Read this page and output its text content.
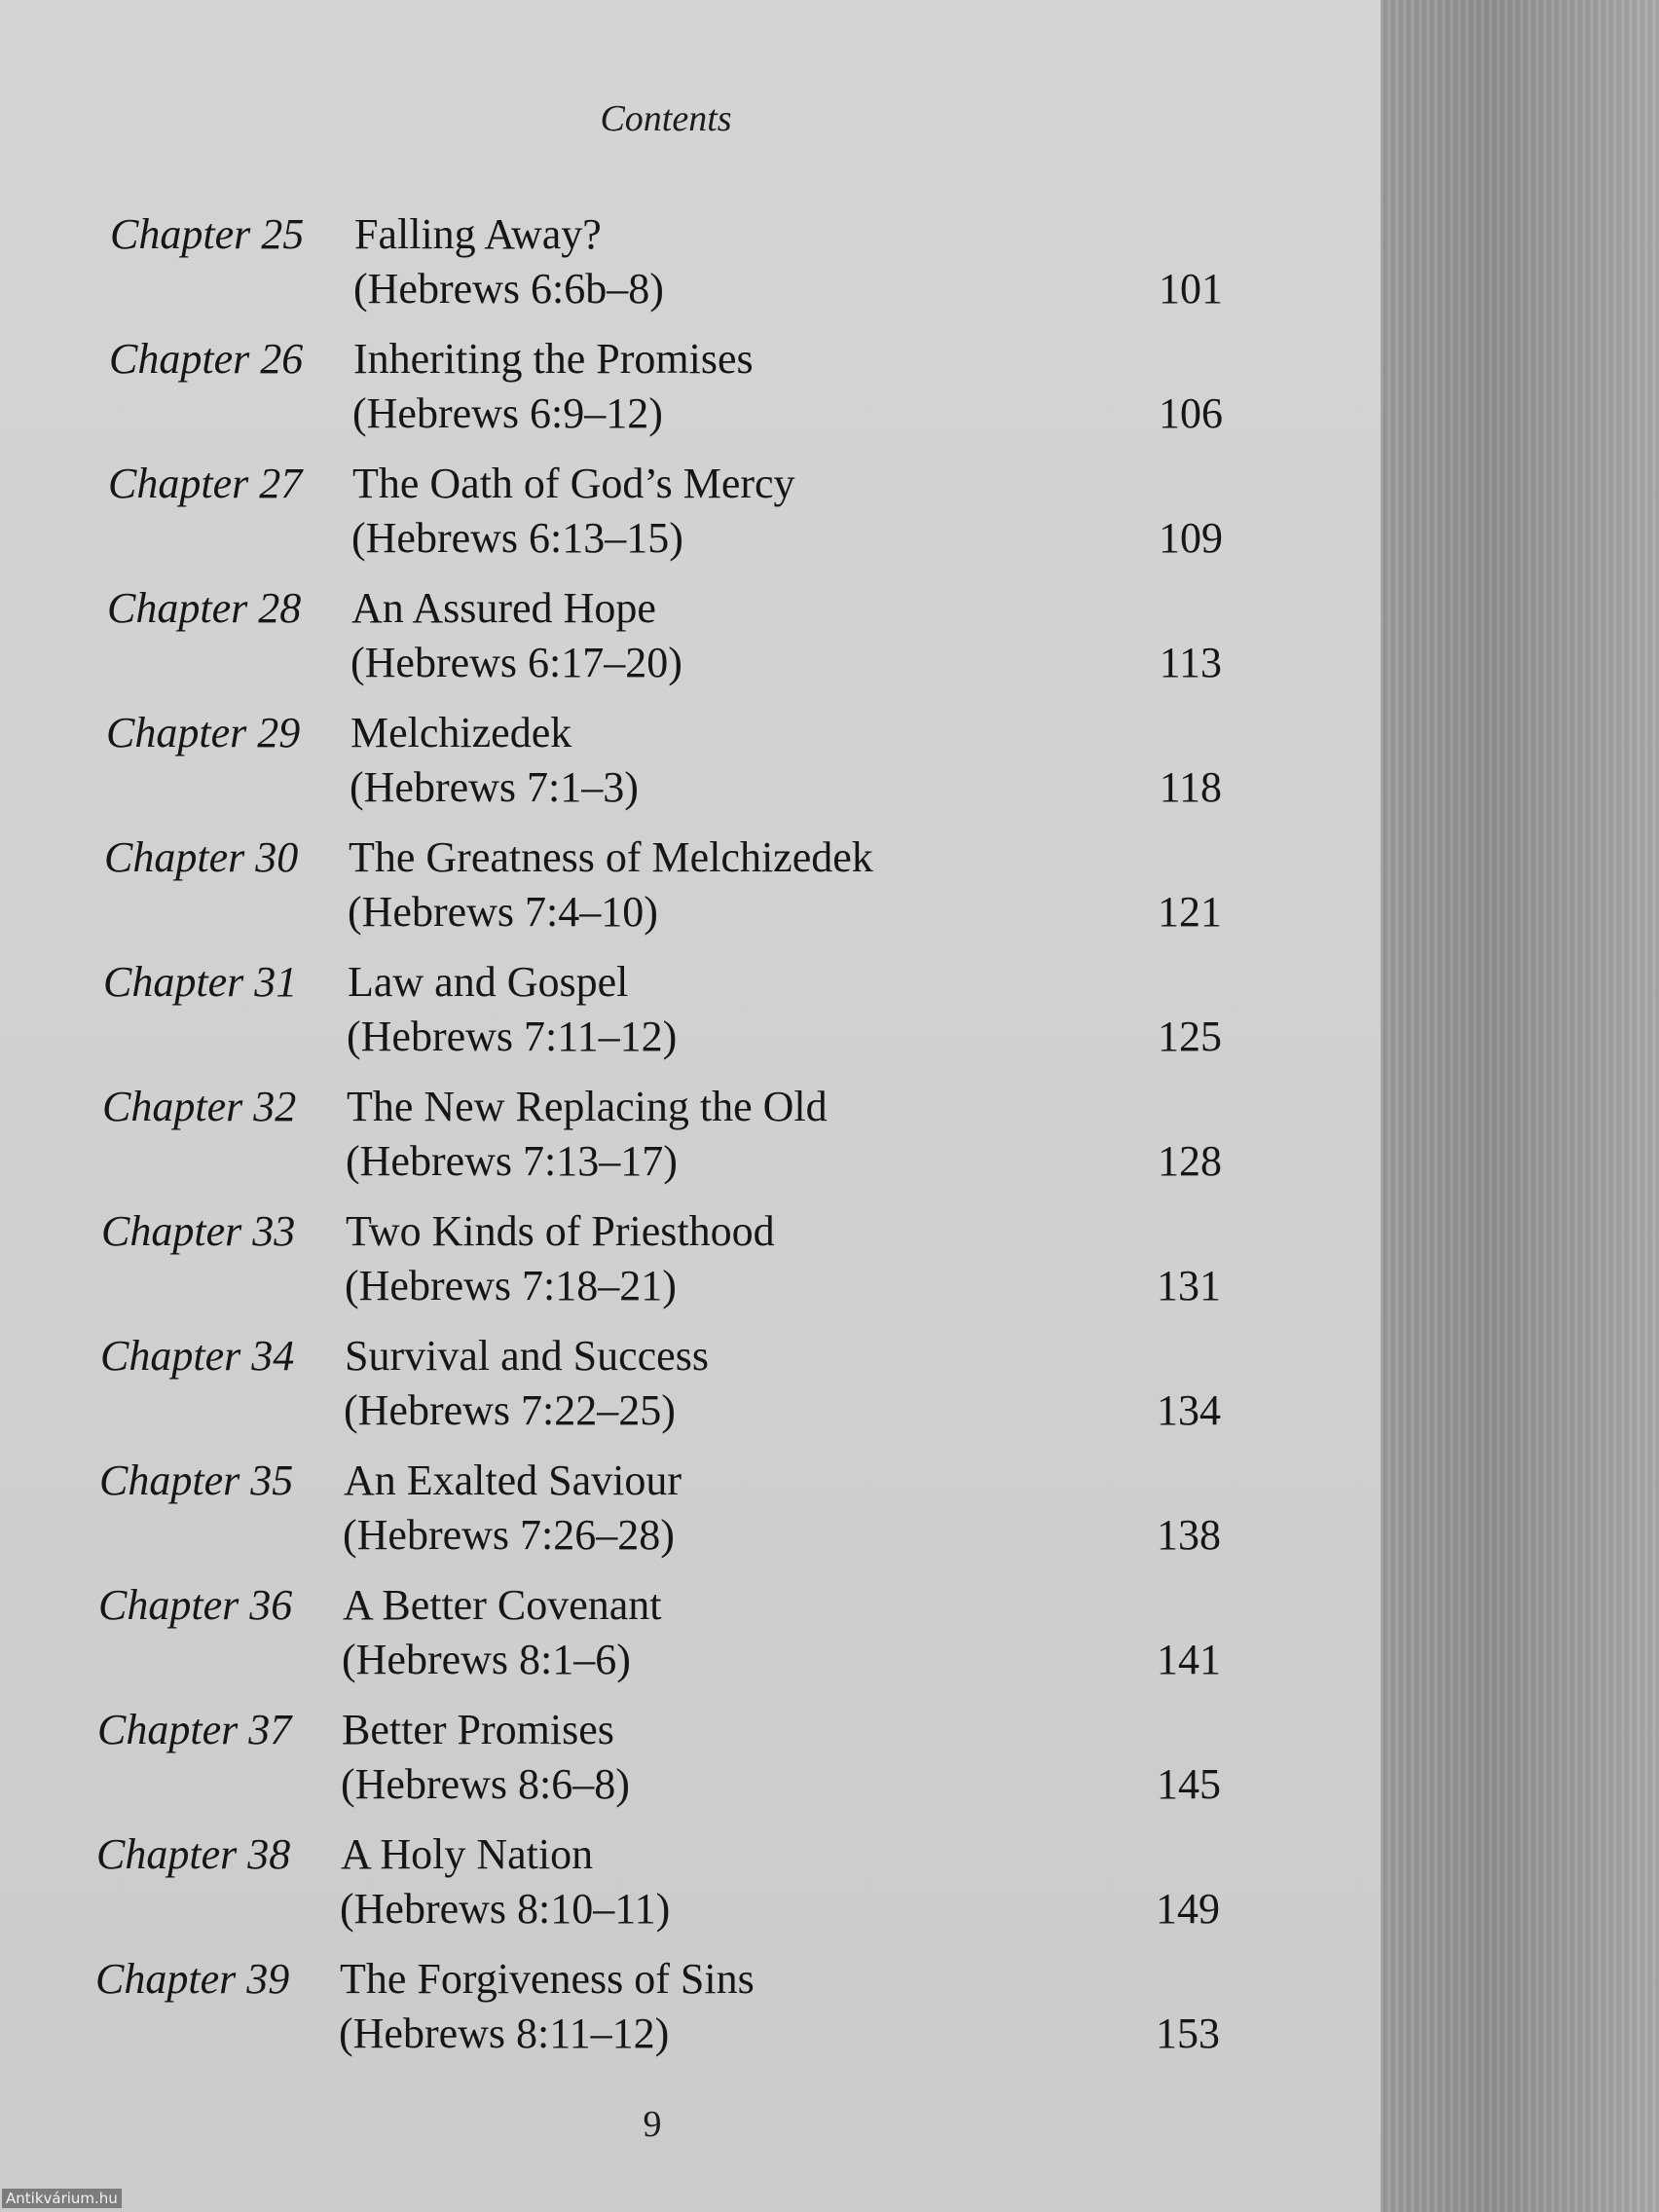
Contents
Chapter 25 Falling Away?
(Hebrews 6:6b–8)	101
Chapter 26 Inheriting the Promises
(Hebrews 6:9–12)	106
Chapter 27 The Oath of God’s Mercy
(Hebrews 6:13–15)	109
Chapter 28 An Assured Hope
(Hebrews 6:17–20)	113
Chapter 29 Melchizedek
(Hebrews 7:1–3)	118
Chapter 30 The Greatness of Melchizedek
(Hebrews 7:4–10)	121
Chapter 31 Law and Gospel
(Hebrews 7:11–12)	125
Chapter 32 The New Replacing the Old
(Hebrews 7:13–17)	128
Chapter 33 Two Kinds of Priesthood
(Hebrews 7:18–21)	131
Chapter 34 Survival and Success
(Hebrews 7:22–25)	134
Chapter 35 An Exalted Saviour
(Hebrews 7:26–28)	138
Chapter 36 A Better Covenant
(Hebrews 8:1–6)	141
Chapter 37 Better Promises
(Hebrews 8:6–8)	145
Chapter 38 A Holy Nation
(Hebrews 8:10–11)	149
Chapter 39 The Forgiveness of Sins
(Hebrews 8:11–12)	153
9
Antikvárium.hu
